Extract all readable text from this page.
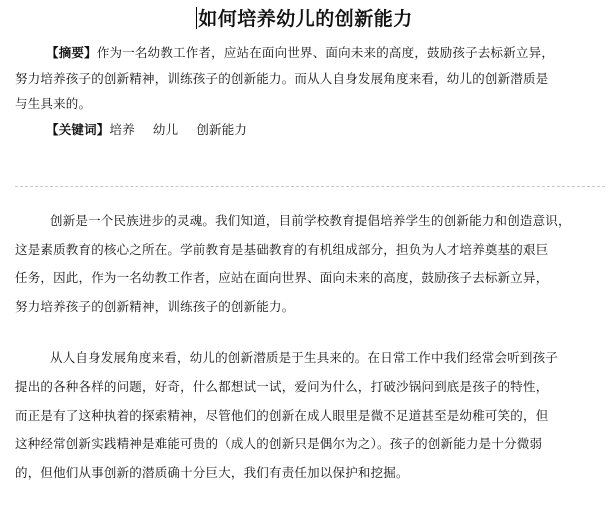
如何培养幼儿的创新能力
【摘要】作为一名幼教工作者，应站在面向世界、面向未来的高度，鼓励孩子去标新立异，
努力培养孩子的创新精神，训练孩子的创新能力。而从人自身发展角度来看，幼儿的创新潜质是
与生具来的。
【关键词】培养 幼儿 创新能力
创新是一个民族进步的灵魂。我们知道，目前学校教育提倡培养学生的创新能力和创造意识，
这是素质教育的核心之所在。学前教育是基础教育的有机组成部分，担负为人才培养奠基的艰巨
任务，因此，作为一名幼教工作者，应站在面向世界、面向未来的高度，鼓励孩子去标新立异，
努力培养孩子的创新精神，训练孩子的创新能力。
从人自身发展角度来看，幼儿的创新潜质是于生具来的。在日常工作中我们经常会听到孩子
提出的各种各样的问题，好奇，什么都想试一试，爱问为什么，打破沙锅问到底是孩子的特性，
而正是有了这种执着的探索精神，尽管他们的创新在成人眼里是微不足道甚至是幼稚可笑的，但
这种经常创新实践精神是难能可贵的（成人的创新只是偶尔为之）。孩子的创新能力是十分微弱
的，但他们从事创新的潜质确十分巨大，我们有责任加以保护和挖掘。
